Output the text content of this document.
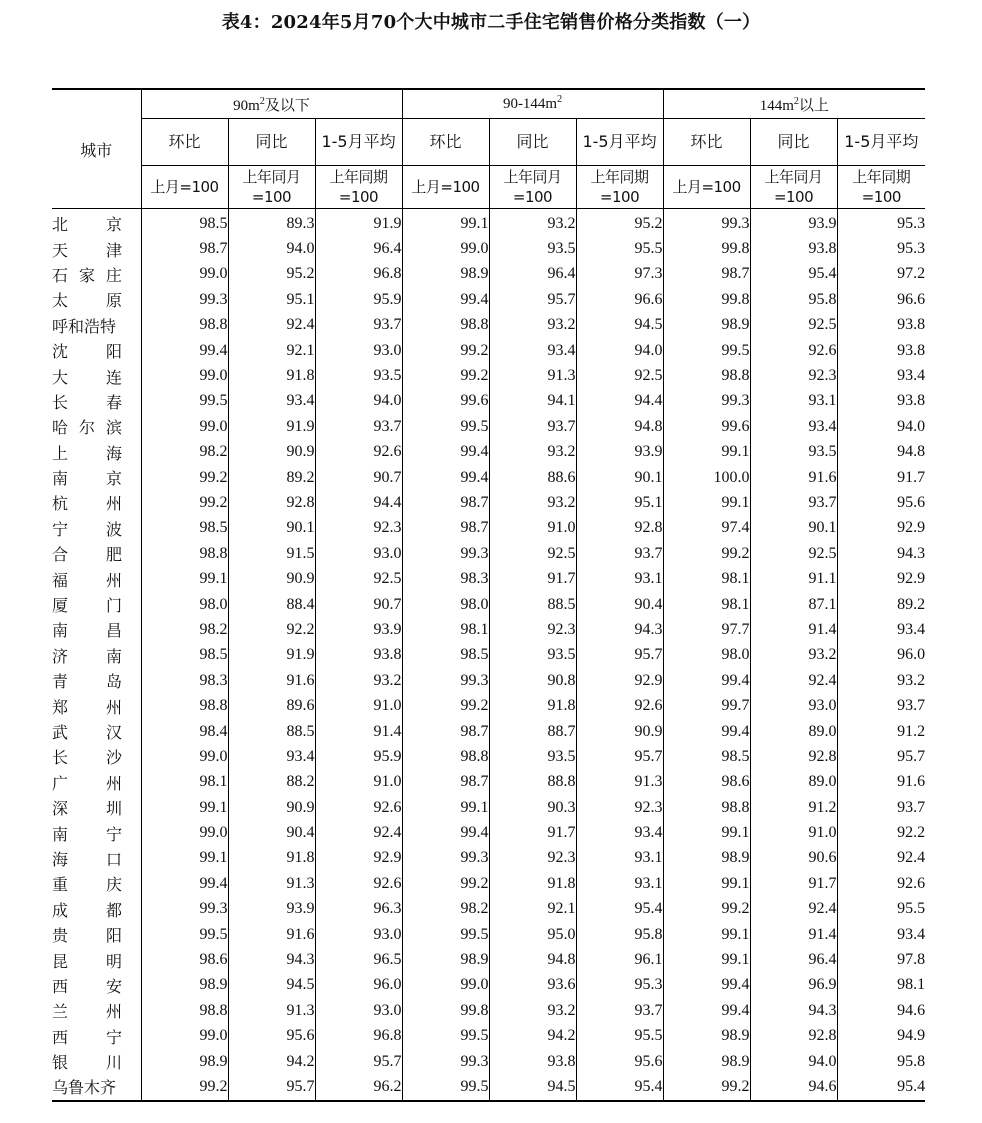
表4：2024年5月70个大中城市二手住宅销售价格分类指数（一）
城市	$90m^2$及以下			$90-144m^2$			$144m^2$以上		
	环比	同比	1-5月平均	环比	同比	1-5月平均	环比	同比	1-5月平均
	上月=100	上年同月=100	上年同期=100	上月=100	上年同月=100	上年同期=100	上月=100	上年同月=100	上年同期=100

北 京	98.5	89.3	91.9	99.1	93.2	95.2	99.3	93.9	95.3

天 津	98.7	94.0	96.4	99.0	93.5	95.5	99.8	93.8	95.3

石 家 庄	99.0	95.2	96.8	98.9	96.4	97.3	98.7	95.4	97.2

太 原	99.3	95.1	95.9	99.4	95.7	96.6	99.8	95.8	96.6
呼和浩特	98.8	92.4	93.7	98.8	93.2	94.5	98.9	92.5	93.8

沈 阳	99.4	92.1	93.0	99.2	93.4	94.0	99.5	92.6	93.8

大 连	99.0	91.8	93.5	99.2	91.3	92.5	98.8	92.3	93.4

长 春	99.5	93.4	94.0	99.6	94.1	94.4	99.3	93.1	93.8

哈 尔 滨	99.0	91.9	93.7	99.5	93.7	94.8	99.6	93.4	94.0

上 海	98.2	90.9	92.6	99.4	93.2	93.9	99.1	93.5	94.8

南 京	99.2	89.2	90.7	99.4	88.6	90.1	100.0	91.6	91.7

杭 州	99.2	92.8	94.4	98.7	93.2	95.1	99.1	93.7	95.6

宁 波	98.5	90.1	92.3	98.7	91.0	92.8	97.4	90.1	92.9

合 肥	98.8	91.5	93.0	99.3	92.5	93.7	99.2	92.5	94.3

福 州	99.1	90.9	92.5	98.3	91.7	93.1	98.1	91.1	92.9

厦 门	98.0	88.4	90.7	98.0	88.5	90.4	98.1	87.1	89.2

南 昌	98.2	92.2	93.9	98.1	92.3	94.3	97.7	91.4	93.4

济 南	98.5	91.9	93.8	98.5	93.5	95.7	98.0	93.2	96.0

青 岛	98.3	91.6	93.2	99.3	90.8	92.9	99.4	92.4	93.2

郑 州	98.8	89.6	91.0	99.2	91.8	92.6	99.7	93.0	93.7

武 汉	98.4	88.5	91.4	98.7	88.7	90.9	99.4	89.0	91.2

长 沙	99.0	93.4	95.9	98.8	93.5	95.7	98.5	92.8	95.7

广 州	98.1	88.2	91.0	98.7	88.8	91.3	98.6	89.0	91.6

深 圳	99.1	90.9	92.6	99.1	90.3	92.3	98.8	91.2	93.7

南 宁	99.0	90.4	92.4	99.4	91.7	93.4	99.1	91.0	92.2

海 口	99.1	91.8	92.9	99.3	92.3	93.1	98.9	90.6	92.4

重 庆	99.4	91.3	92.6	99.2	91.8	93.1	99.1	91.7	92.6

成 都	99.3	93.9	96.3	98.2	92.1	95.4	99.2	92.4	95.5

贵 阳	99.5	91.6	93.0	99.5	95.0	95.8	99.1	91.4	93.4

昆 明	98.6	94.3	96.5	98.9	94.8	96.1	99.1	96.4	97.8

西 安	98.9	94.5	96.0	99.0	93.6	95.3	99.4	96.9	98.1

兰 州	98.8	91.3	93.0	99.8	93.2	93.7	99.4	94.3	94.6

西 宁	99.0	95.6	96.8	99.5	94.2	95.5	98.9	92.8	94.9

银 川	98.9	94.2	95.7	99.3	93.8	95.6	98.9	94.0	95.8
乌鲁木齐	99.2	95.7	96.2	99.5	94.5	95.4	99.2	94.6	95.4
